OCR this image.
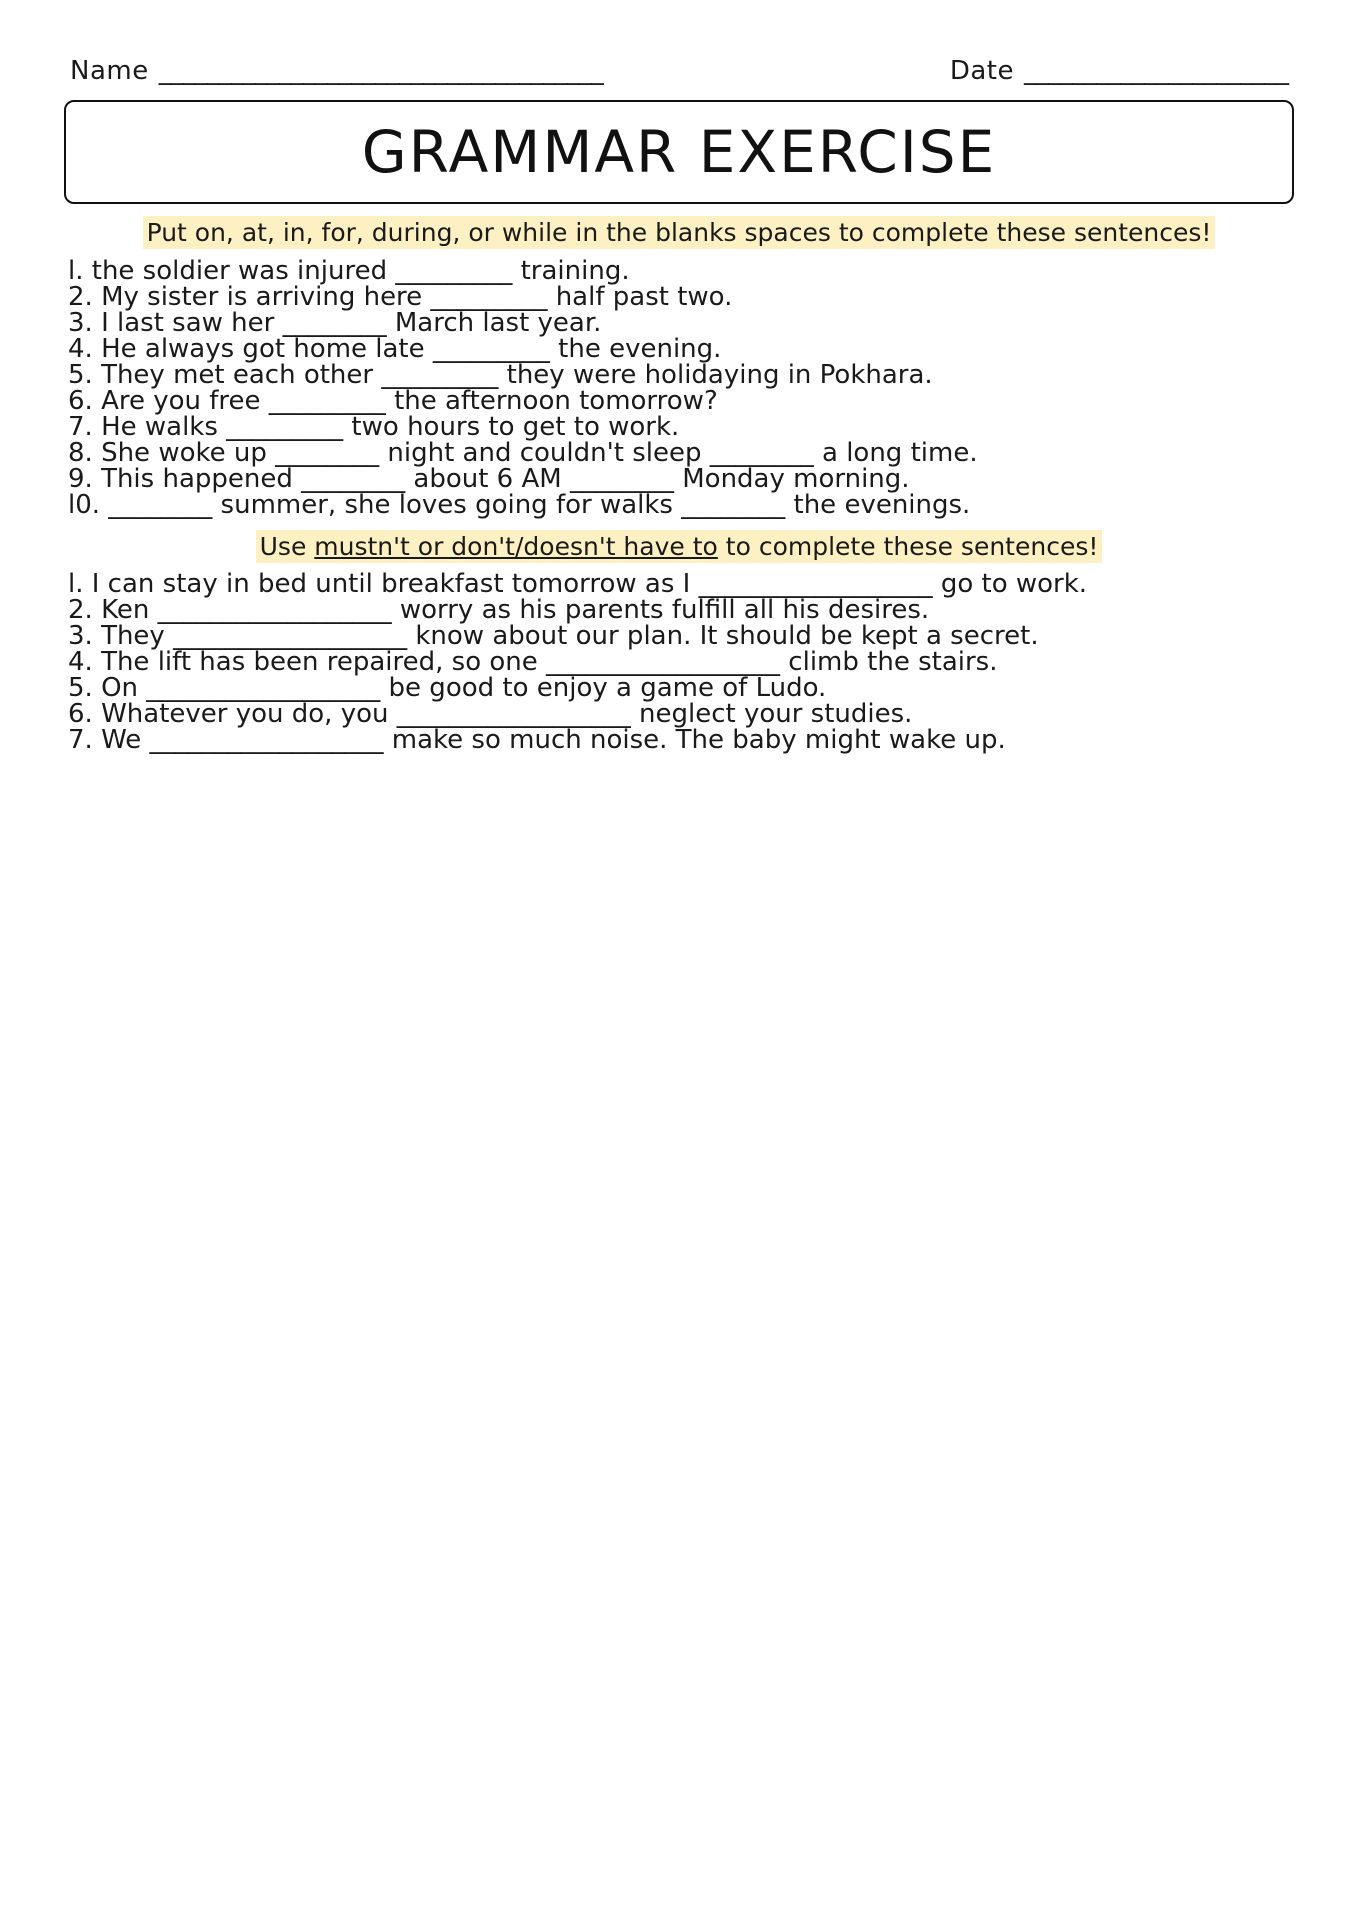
Name _____________________________________	Date ______________________
GRAMMAR EXERCISE
Put on, at, in, for, during, or while in the blanks spaces to complete these sentences!
l. the soldier was injured _________ training.
2. My sister is arriving here _________ half past two.
3. I last saw her ________ March last year.
4. He always got home late _________ the evening.
5. They met each other _________ they were holidaying in Pokhara.
6. Are you free _________ the afternoon tomorrow?
7. He walks _________ two hours to get to work.
8. She woke up ________ night and couldn't sleep ________ a long time.
9. This happened ________ about 6 AM ________ Monday morning.
l0. ________ summer, she loves going for walks ________ the evenings.
Use mustn't or don't/doesn't have to to complete these sentences!
l. I can stay in bed until breakfast tomorrow as I __________________ go to work.
2. Ken __________________ worry as his parents fulfill all his desires.
3. They __________________ know about our plan. It should be kept a secret.
4. The lift has been repaired, so one __________________ climb the stairs.
5. On __________________ be good to enjoy a game of Ludo.
6. Whatever you do, you __________________ neglect your studies.
7. We __________________ make so much noise. The baby might wake up.
